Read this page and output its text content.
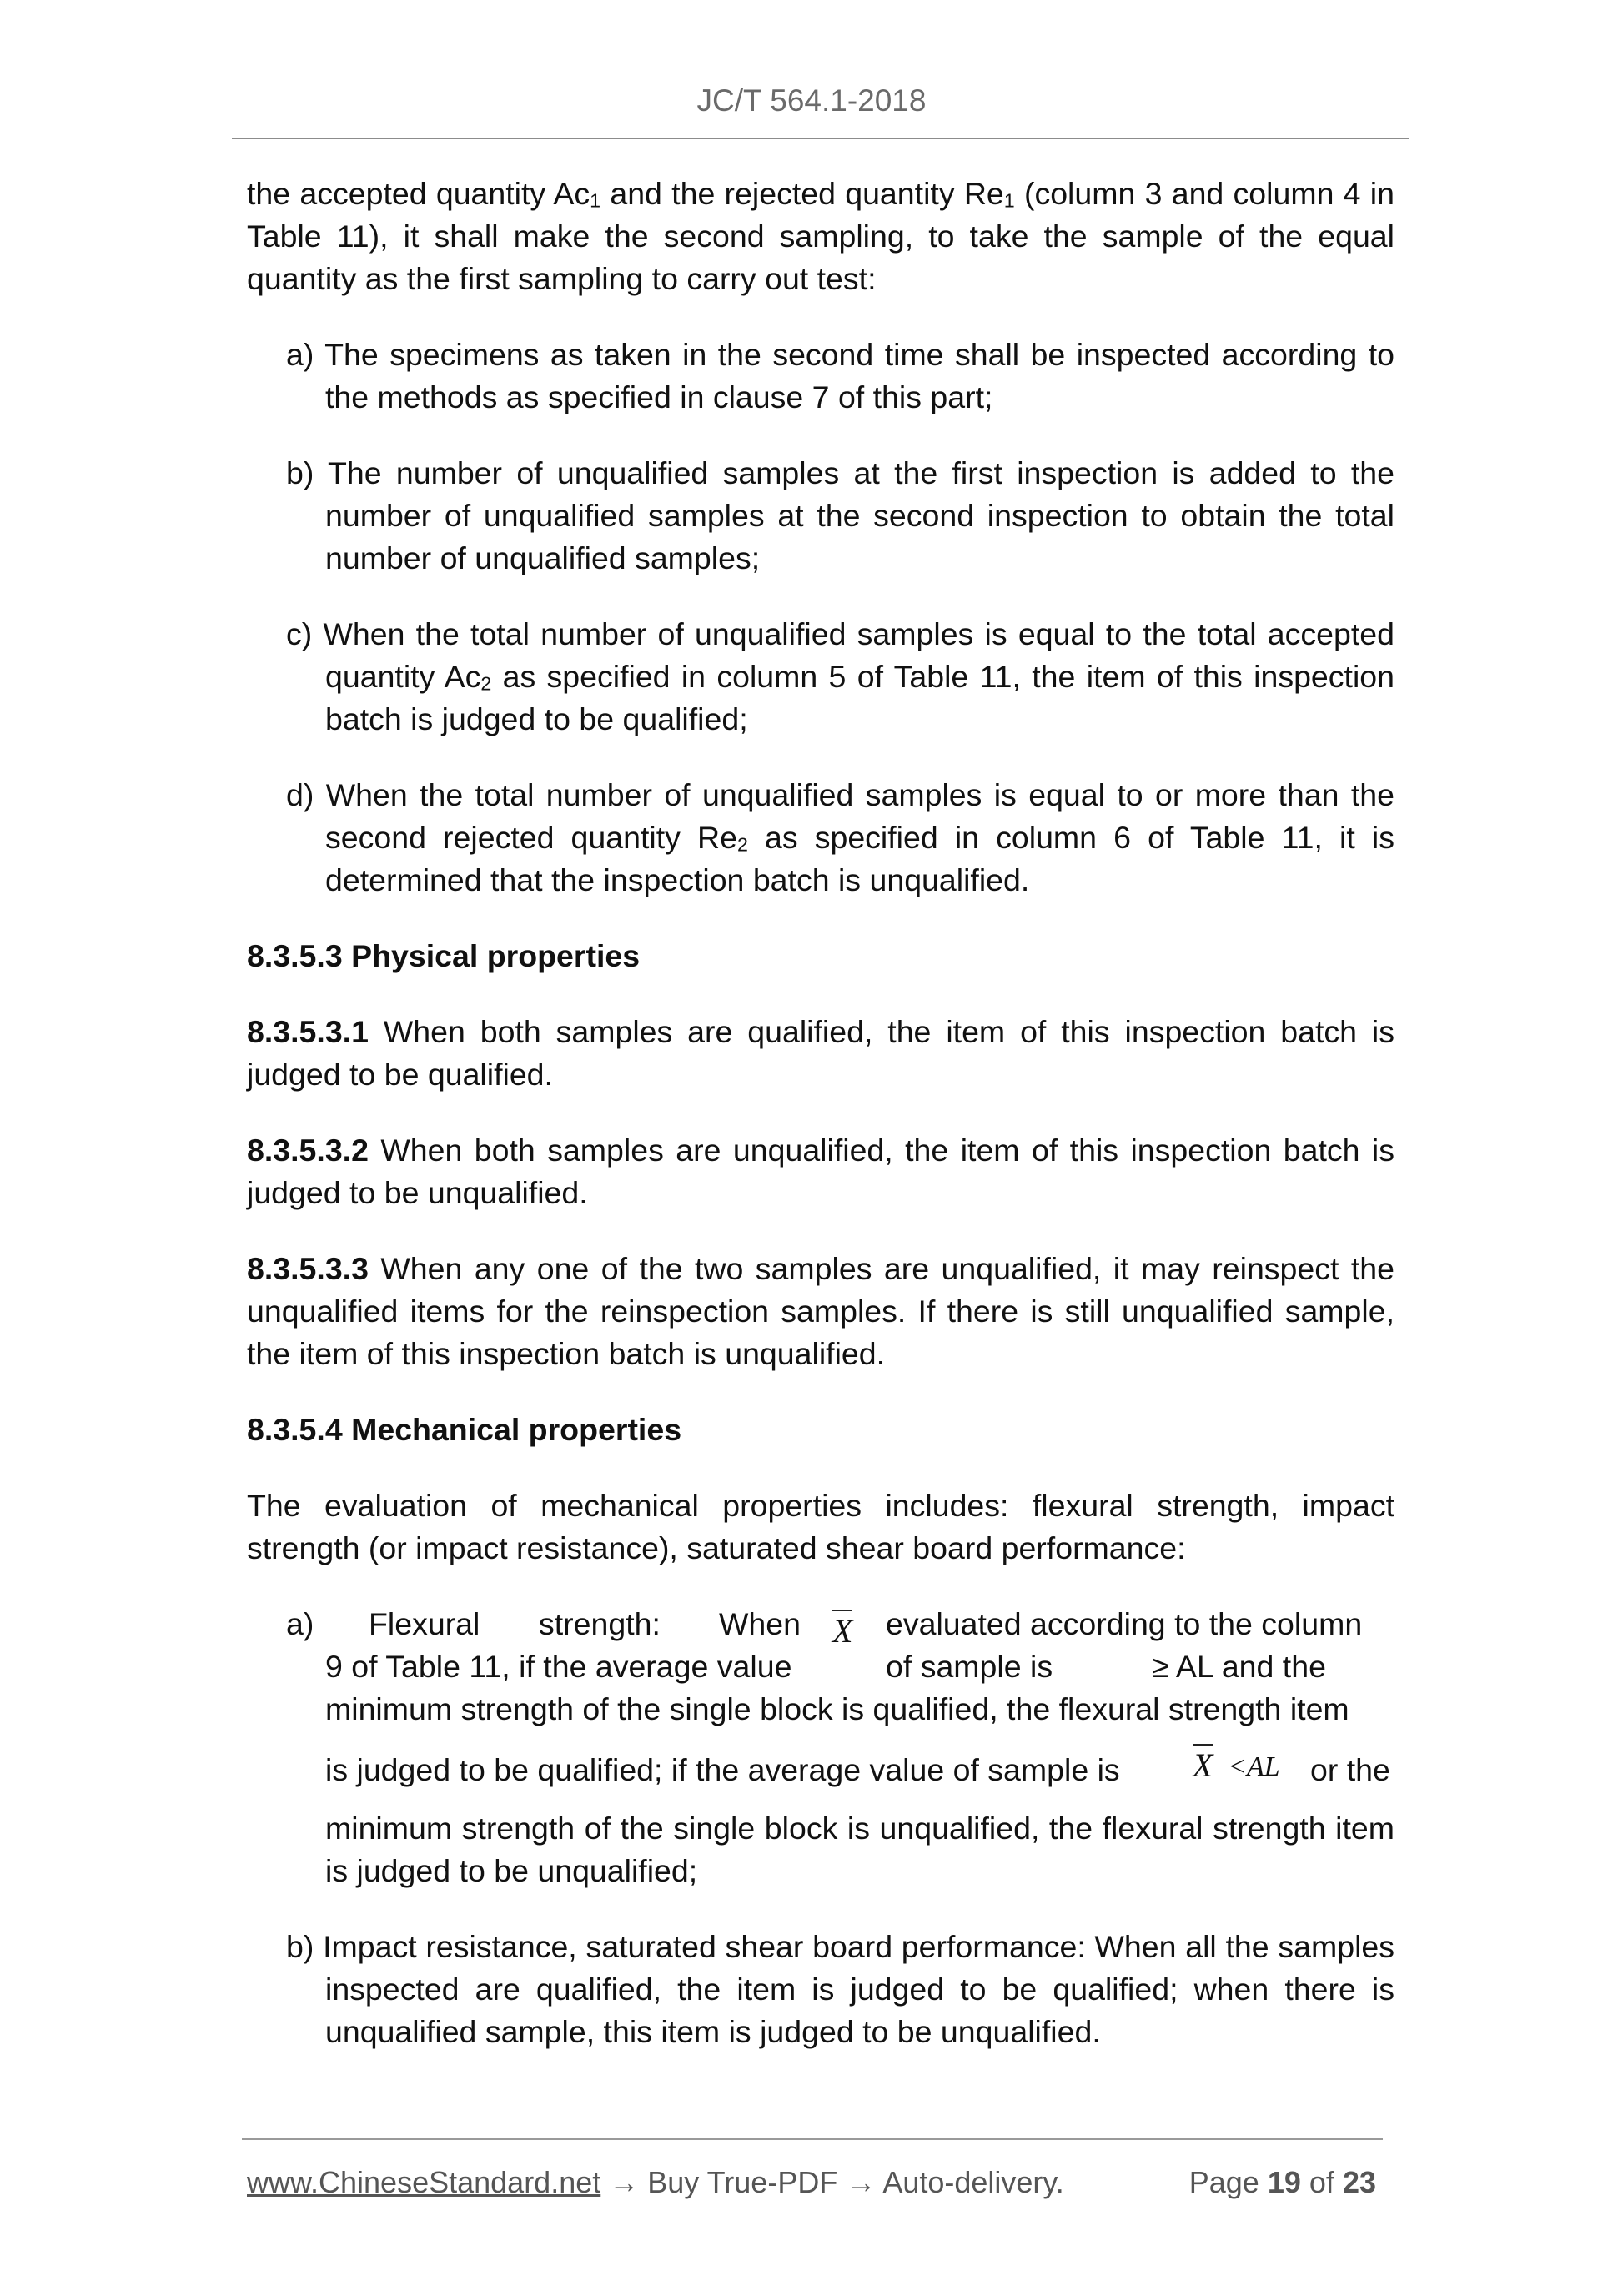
JC/T 564.1-2018

the accepted quantity $Ac_1$ and the rejected quantity $Re_1$ (column 3 and column 4 in Table 11), it shall make the second sampling, to take the sample of the equal quantity as the first sampling to carry out test:

a) The specimens as taken in the second time shall be inspected according to the methods as specified in clause 7 of this part;

b) The number of unqualified samples at the first inspection is added to the number of unqualified samples at the second inspection to obtain the total number of unqualified samples;

c) When the total number of unqualified samples is equal to the total accepted quantity $Ac_2$ as specified in column 5 of Table 11, the item of this inspection batch is judged to be qualified;

d) When the total number of unqualified samples is equal to or more than the second rejected quantity $Re_2$ as specified in column 6 of Table 11, it is determined that the inspection batch is unqualified.

8.3.5.3 Physical properties

8.3.5.3.1 When both samples are qualified, the item of this inspection batch is judged to be qualified.

8.3.5.3.2 When both samples are unqualified, the item of this inspection batch is judged to be unqualified.

8.3.5.3.3 When any one of the two samples are unqualified, it may reinspect the unqualified items for the reinspection samples. If there is still unqualified sample, the item of this inspection batch is unqualified.

8.3.5.4 Mechanical properties

The evaluation of mechanical properties includes: flexural strength, impact strength (or impact resistance), saturated shear board performance:

a) Flexural strength: When X evaluated according to the column
9 of Table 11, if the average value	of sample is	≥ AL and the
minimum strength of the single block is qualified, the flexural strength item
is judged to be qualified; if the average value of sample is X <AL or the

minimum strength of the single block is unqualified, the flexural strength item is judged to be unqualified;

b) Impact resistance, saturated shear board performance: When all the samples inspected are qualified, the item is judged to be qualified; when there is unqualified sample, this item is judged to be unqualified.

www.ChineseStandard.net → Buy True-PDF → Auto-delivery.	Page 19 of 23
